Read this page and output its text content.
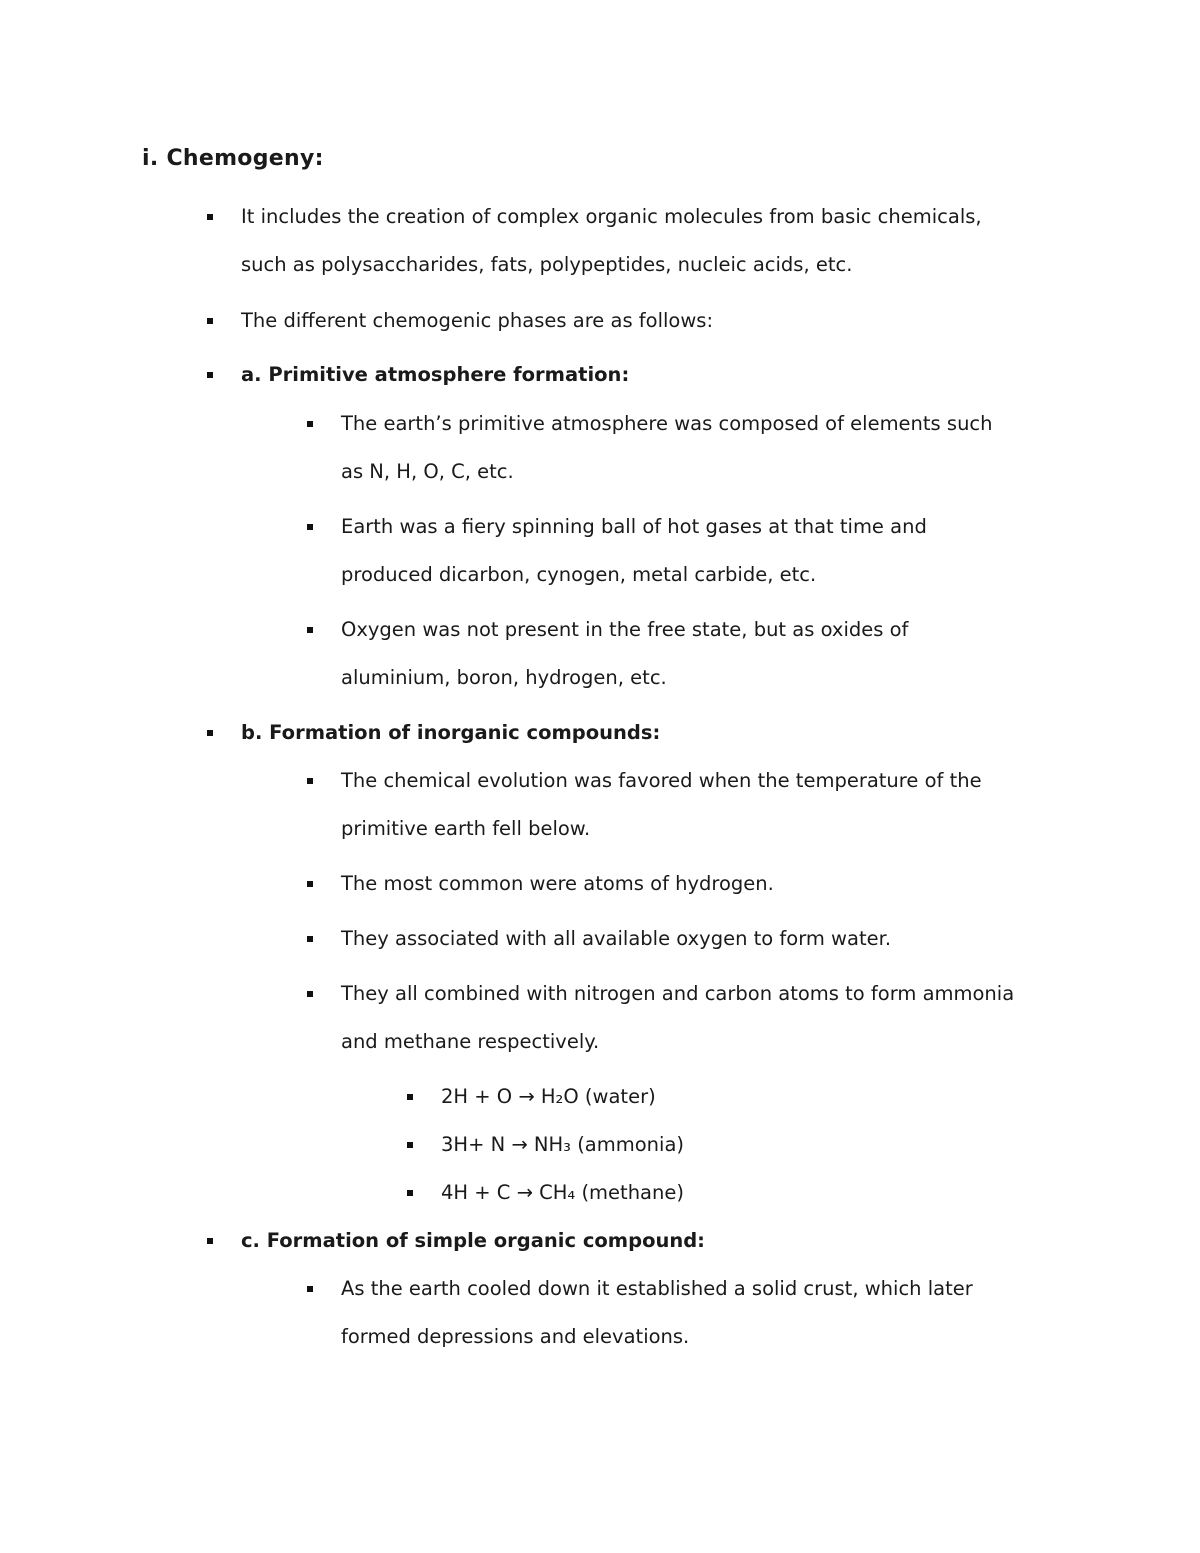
i. Chemogeny:
It includes the creation of complex organic molecules from basic chemicals,
such as polysaccharides, fats, polypeptides, nucleic acids, etc.
The different chemogenic phases are as follows:
a. Primitive atmosphere formation:
The earth’s primitive atmosphere was composed of elements such
as N, H, O, C, etc.
Earth was a fiery spinning ball of hot gases at that time and
produced dicarbon, cynogen, metal carbide, etc.
Oxygen was not present in the free state, but as oxides of
aluminium, boron, hydrogen, etc.
b. Formation of inorganic compounds:
The chemical evolution was favored when the temperature of the
primitive earth fell below.
The most common were atoms of hydrogen.
They associated with all available oxygen to form water.
They all combined with nitrogen and carbon atoms to form ammonia
and methane respectively.
2H + O → H₂O (water)
3H+ N → NH₃ (ammonia)
4H + C → CH₄ (methane)
c. Formation of simple organic compound:
As the earth cooled down it established a solid crust, which later
formed depressions and elevations.
